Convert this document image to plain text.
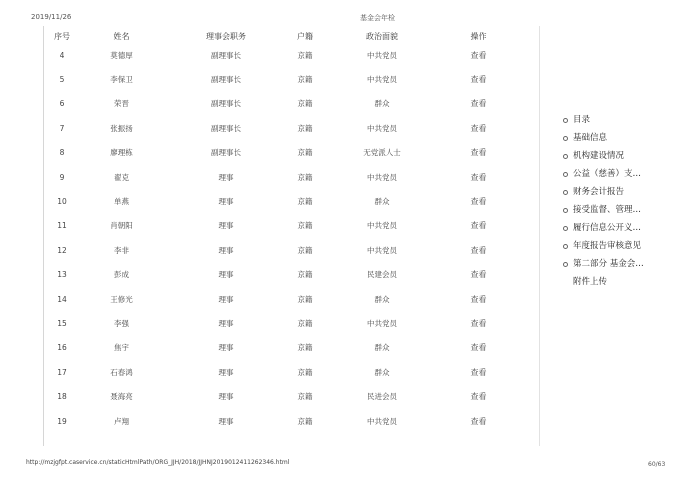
2019/11/26	基金会年检
序号	姓名	理事会职务	户籍	政治面貌	操作
4	莫德厚	副理事长	京籍	中共党员	查看
5	李保卫	副理事长	京籍	中共党员	查看
6	荣晋	副理事长	京籍	群众	查看
7	张振扬	副理事长	京籍	中共党员	查看
8	廖理栋	副理事长	京籍	无党派人士	查看
9	翟克	理事	京籍	中共党员	查看
10	单燕	理事	京籍	群众	查看
11	肖朝阳	理事	京籍	中共党员	查看
12	李非	理事	京籍	中共党员	查看
13	彭成	理事	京籍	民建会员	查看
14	王修光	理事	京籍	群众	查看
15	李强	理事	京籍	中共党员	查看
16	焦宇	理事	京籍	群众	查看
17	石春鸿	理事	京籍	群众	查看
18	聂海亮	理事	京籍	民进会员	查看
19	卢翔	理事	京籍	中共党员	查看
目录
基础信息
机构建设情况
公益（慈善）支…
财务会计报告
接受监督、管理…
履行信息公开义…
年度报告审核意见
第二部分 基金会…
附件上传
http://mzjgfpt.caservice.cn/staticHtmlPath/ORG_JJH/2018/JJHNJ2019012411262346.html	60/63
